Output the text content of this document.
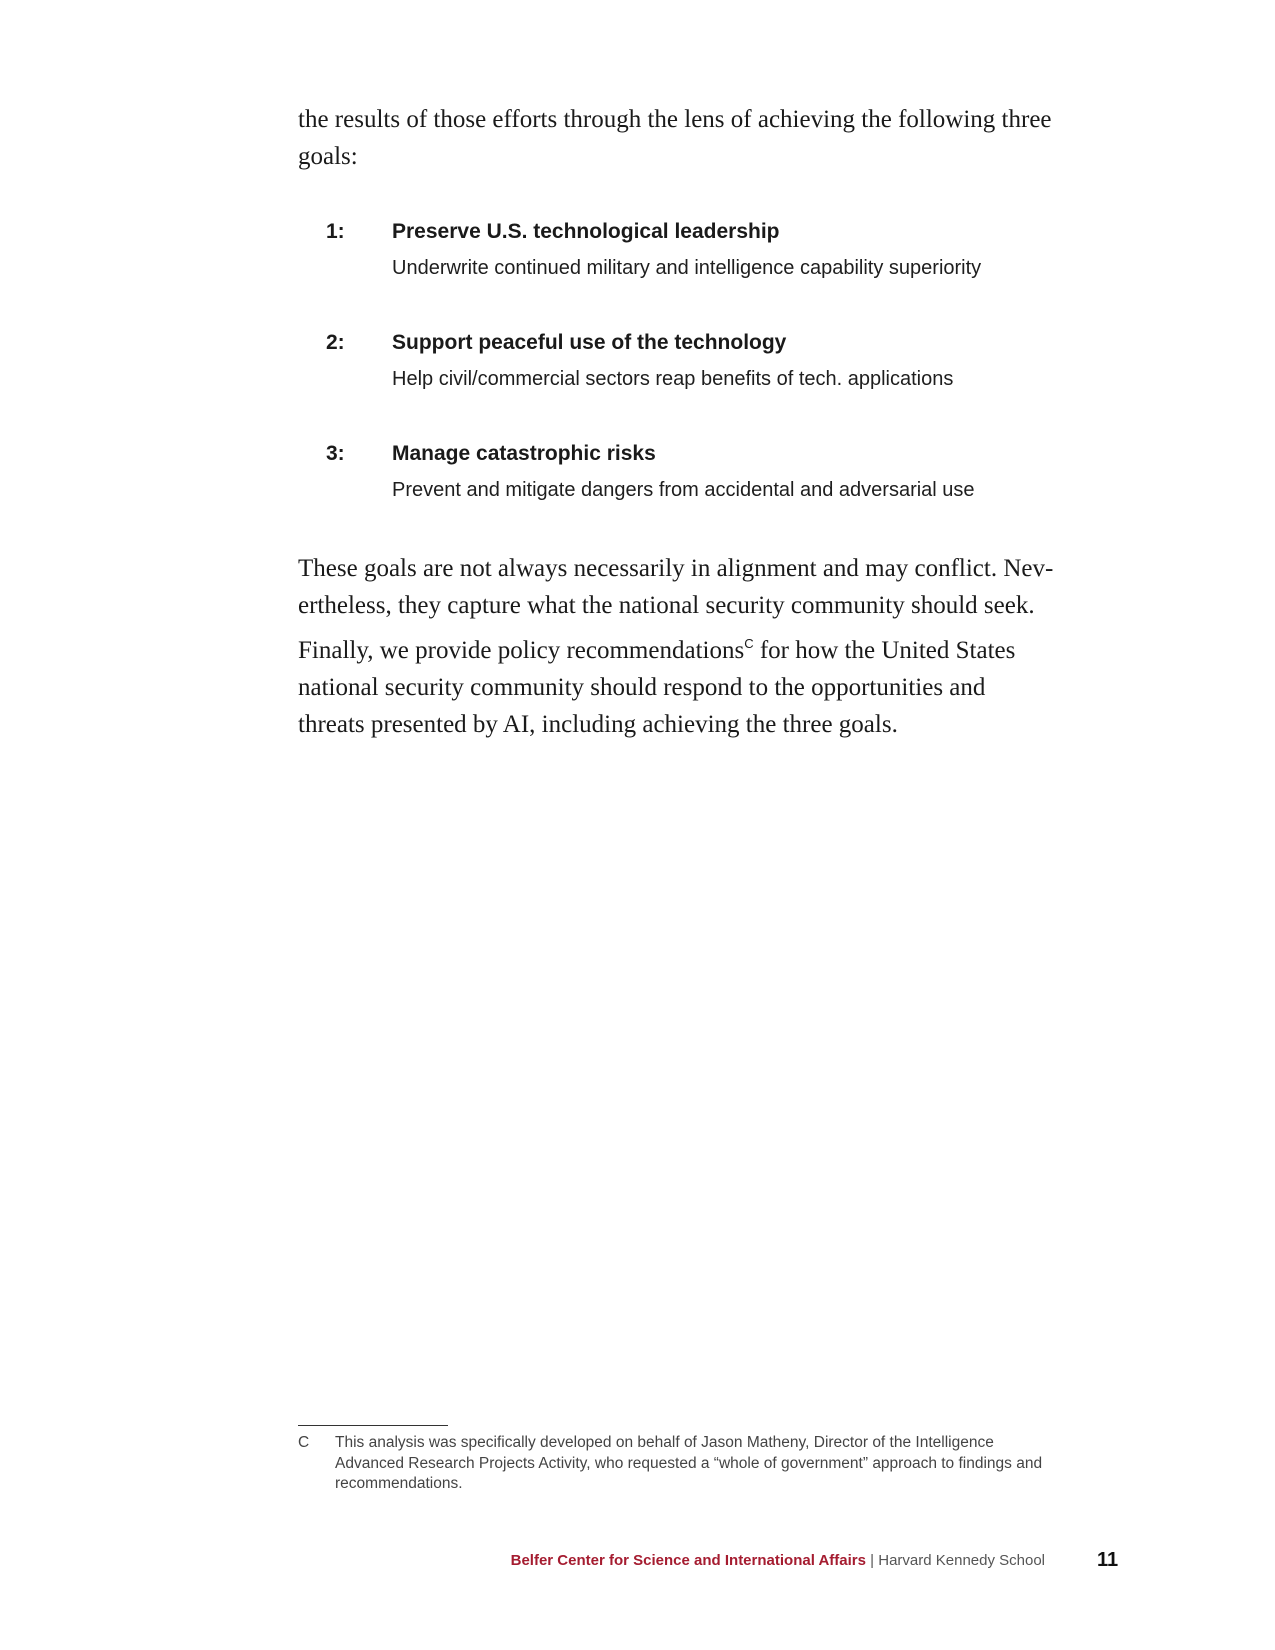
the results of those efforts through the lens of achieving the following three
goals:

1: Preserve U.S. technological leadership
Underwrite continued military and intelligence capability superiority
2: Support peaceful use of the technology
Help civil/commercial sectors reap benefits of tech. applications
3: Manage catastrophic risks
Prevent and mitigate dangers from accidental and adversarial use

These goals are not always necessarily in alignment and may conflict. Nev-
ertheless, they capture what the national security community should seek.
Finally, we provide policy recommendations$^C$ for how the United States
national security community should respond to the opportunities and
threats presented by AI, including achieving the three goals.

C This analysis was specifically developed on behalf of Jason Matheny, Director of the Intelligence Advanced Research Projects Activity, who requested a “whole of government” approach to findings and recommendations.
Belfer Center for Science and International Affairs | Harvard Kennedy School	11
